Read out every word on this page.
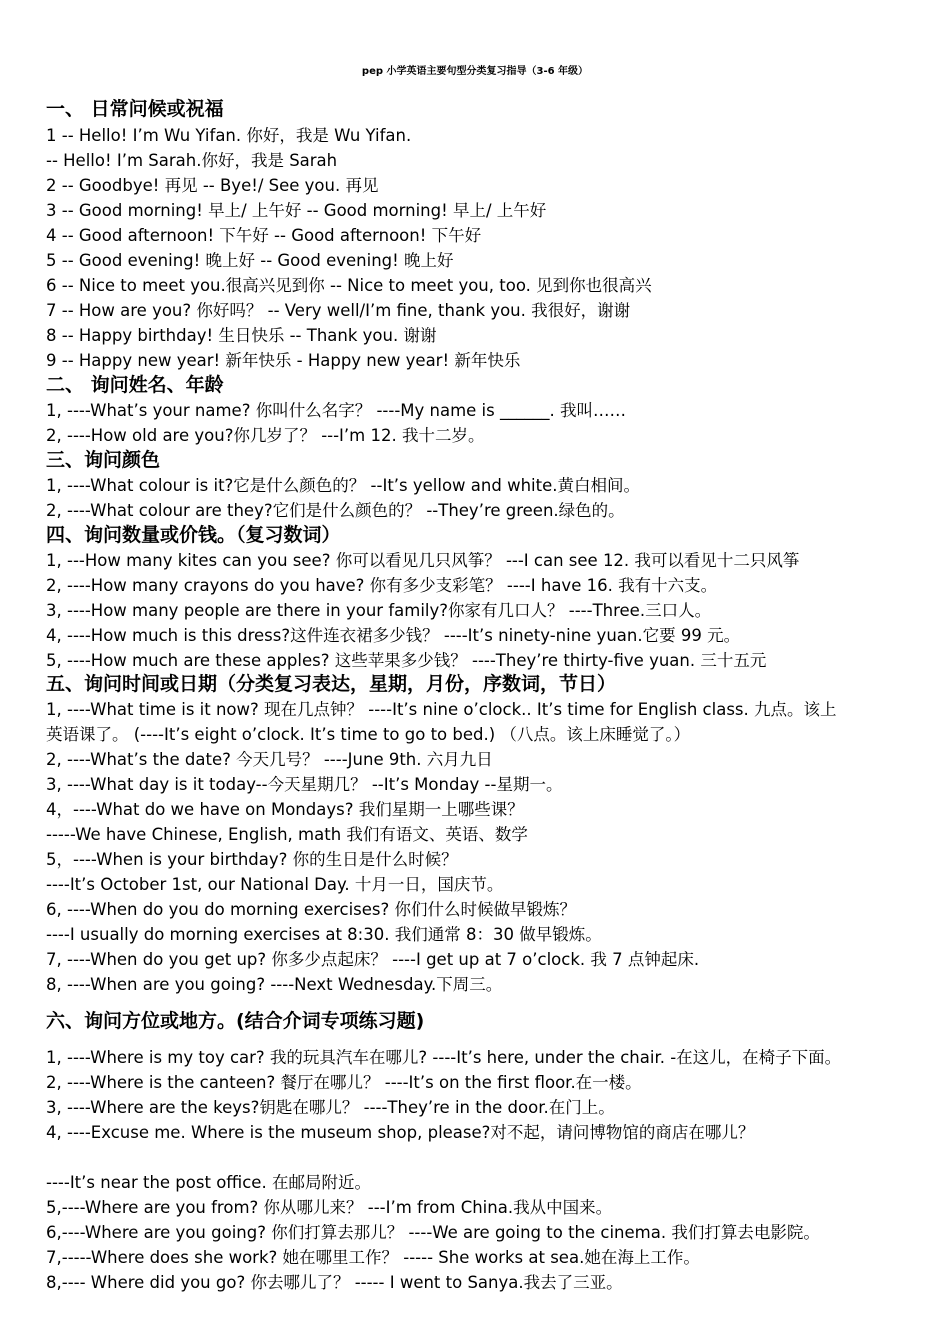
pep 小学英语主要句型分类复习指导（3-6 年级）
一、 日常问候或祝福
1 -- Hello! I’m Wu Yifan. 你好，我是 Wu Yifan.
-- Hello! I’m Sarah.你好，我是 Sarah
2 -- Goodbye! 再见 -- Bye!/ See you. 再见
3 -- Good morning! 早上/ 上午好 -- Good morning! 早上/ 上午好
4 -- Good afternoon! 下午好 -- Good afternoon! 下午好
5 -- Good evening! 晚上好 -- Good evening! 晚上好
6 -- Nice to meet you.很高兴见到你 -- Nice to meet you, too. 见到你也很高兴
7 -- How are you? 你好吗？ -- Very well/I’m fine, thank you. 我很好，谢谢
8 -- Happy birthday! 生日快乐 -- Thank you. 谢谢
9 -- Happy new year! 新年快乐 - Happy new year! 新年快乐
二、 询问姓名、年龄
1, ----What’s your name? 你叫什么名字？ ----My name is ______. 我叫……
2, ----How old are you?你几岁了？ ---I’m 12. 我十二岁。
三、询问颜色
1, ----What colour is it?它是什么颜色的？ --It’s yellow and white.黄白相间。
2, ----What colour are they?它们是什么颜色的？ --They’re green.绿色的。
四、询问数量或价钱。（复习数词）
1, ---How many kites can you see? 你可以看见几只风筝？ ---I can see 12. 我可以看见十二只风筝
2, ----How many crayons do you have? 你有多少支彩笔？ ----I have 16. 我有十六支。
3, ----How many people are there in your family?你家有几口人？ ----Three.三口人。
4, ----How much is this dress?这件连衣裙多少钱？ ----It’s ninety-nine yuan.它要 99 元。
5, ----How much are these apples? 这些苹果多少钱？ ----They’re thirty-five yuan. 三十五元
五、询问时间或日期（分类复习表达，星期，月份，序数词，节日）
1, ----What time is it now? 现在几点钟？ ----It’s nine o’clock.. It’s time for English class. 九点。该上
英语课了。 (----It’s eight o’clock. It’s time to go to bed.) （八点。该上床睡觉了。）
2, ----What’s the date? 今天几号？ ----June 9th. 六月九日
3, ----What day is it today--今天星期几？ --It’s Monday --星期一。
4，----What do we have on Mondays? 我们星期一上哪些课？
-----We have Chinese, English, math 我们有语文、英语、数学
5，----When is your birthday? 你的生日是什么时候？
----It’s October 1st, our National Day. 十月一日，国庆节。
6, ----When do you do morning exercises? 你们什么时候做早锻炼？
----I usually do morning exercises at 8:30. 我们通常 8：30 做早锻炼。
7, ----When do you get up? 你多少点起床？ ----I get up at 7 o’clock. 我 7 点钟起床.
8, ----When are you going? ----Next Wednesday.下周三。
六、询问方位或地方。(结合介词专项练习题)
1, ----Where is my toy car? 我的玩具汽车在哪儿? ----It’s here, under the chair. -在这儿，在椅子下面。
2, ----Where is the canteen? 餐厅在哪儿？ ----It’s on the first floor.在一楼。
3, ----Where are the keys?钥匙在哪儿？ ----They’re in the door.在门上。
4, ----Excuse me. Where is the museum shop, please?对不起，请问博物馆的商店在哪儿？
----It’s near the post office. 在邮局附近。
5,----Where are you from? 你从哪儿来？ ---I’m from China.我从中国来。
6,----Where are you going? 你们打算去那儿？ ----We are going to the cinema. 我们打算去电影院。
7,-----Where does she work? 她在哪里工作？ ----- She works at sea.她在海上工作。
8,---- Where did you go? 你去哪儿了？ ----- I went to Sanya.我去了三亚。
